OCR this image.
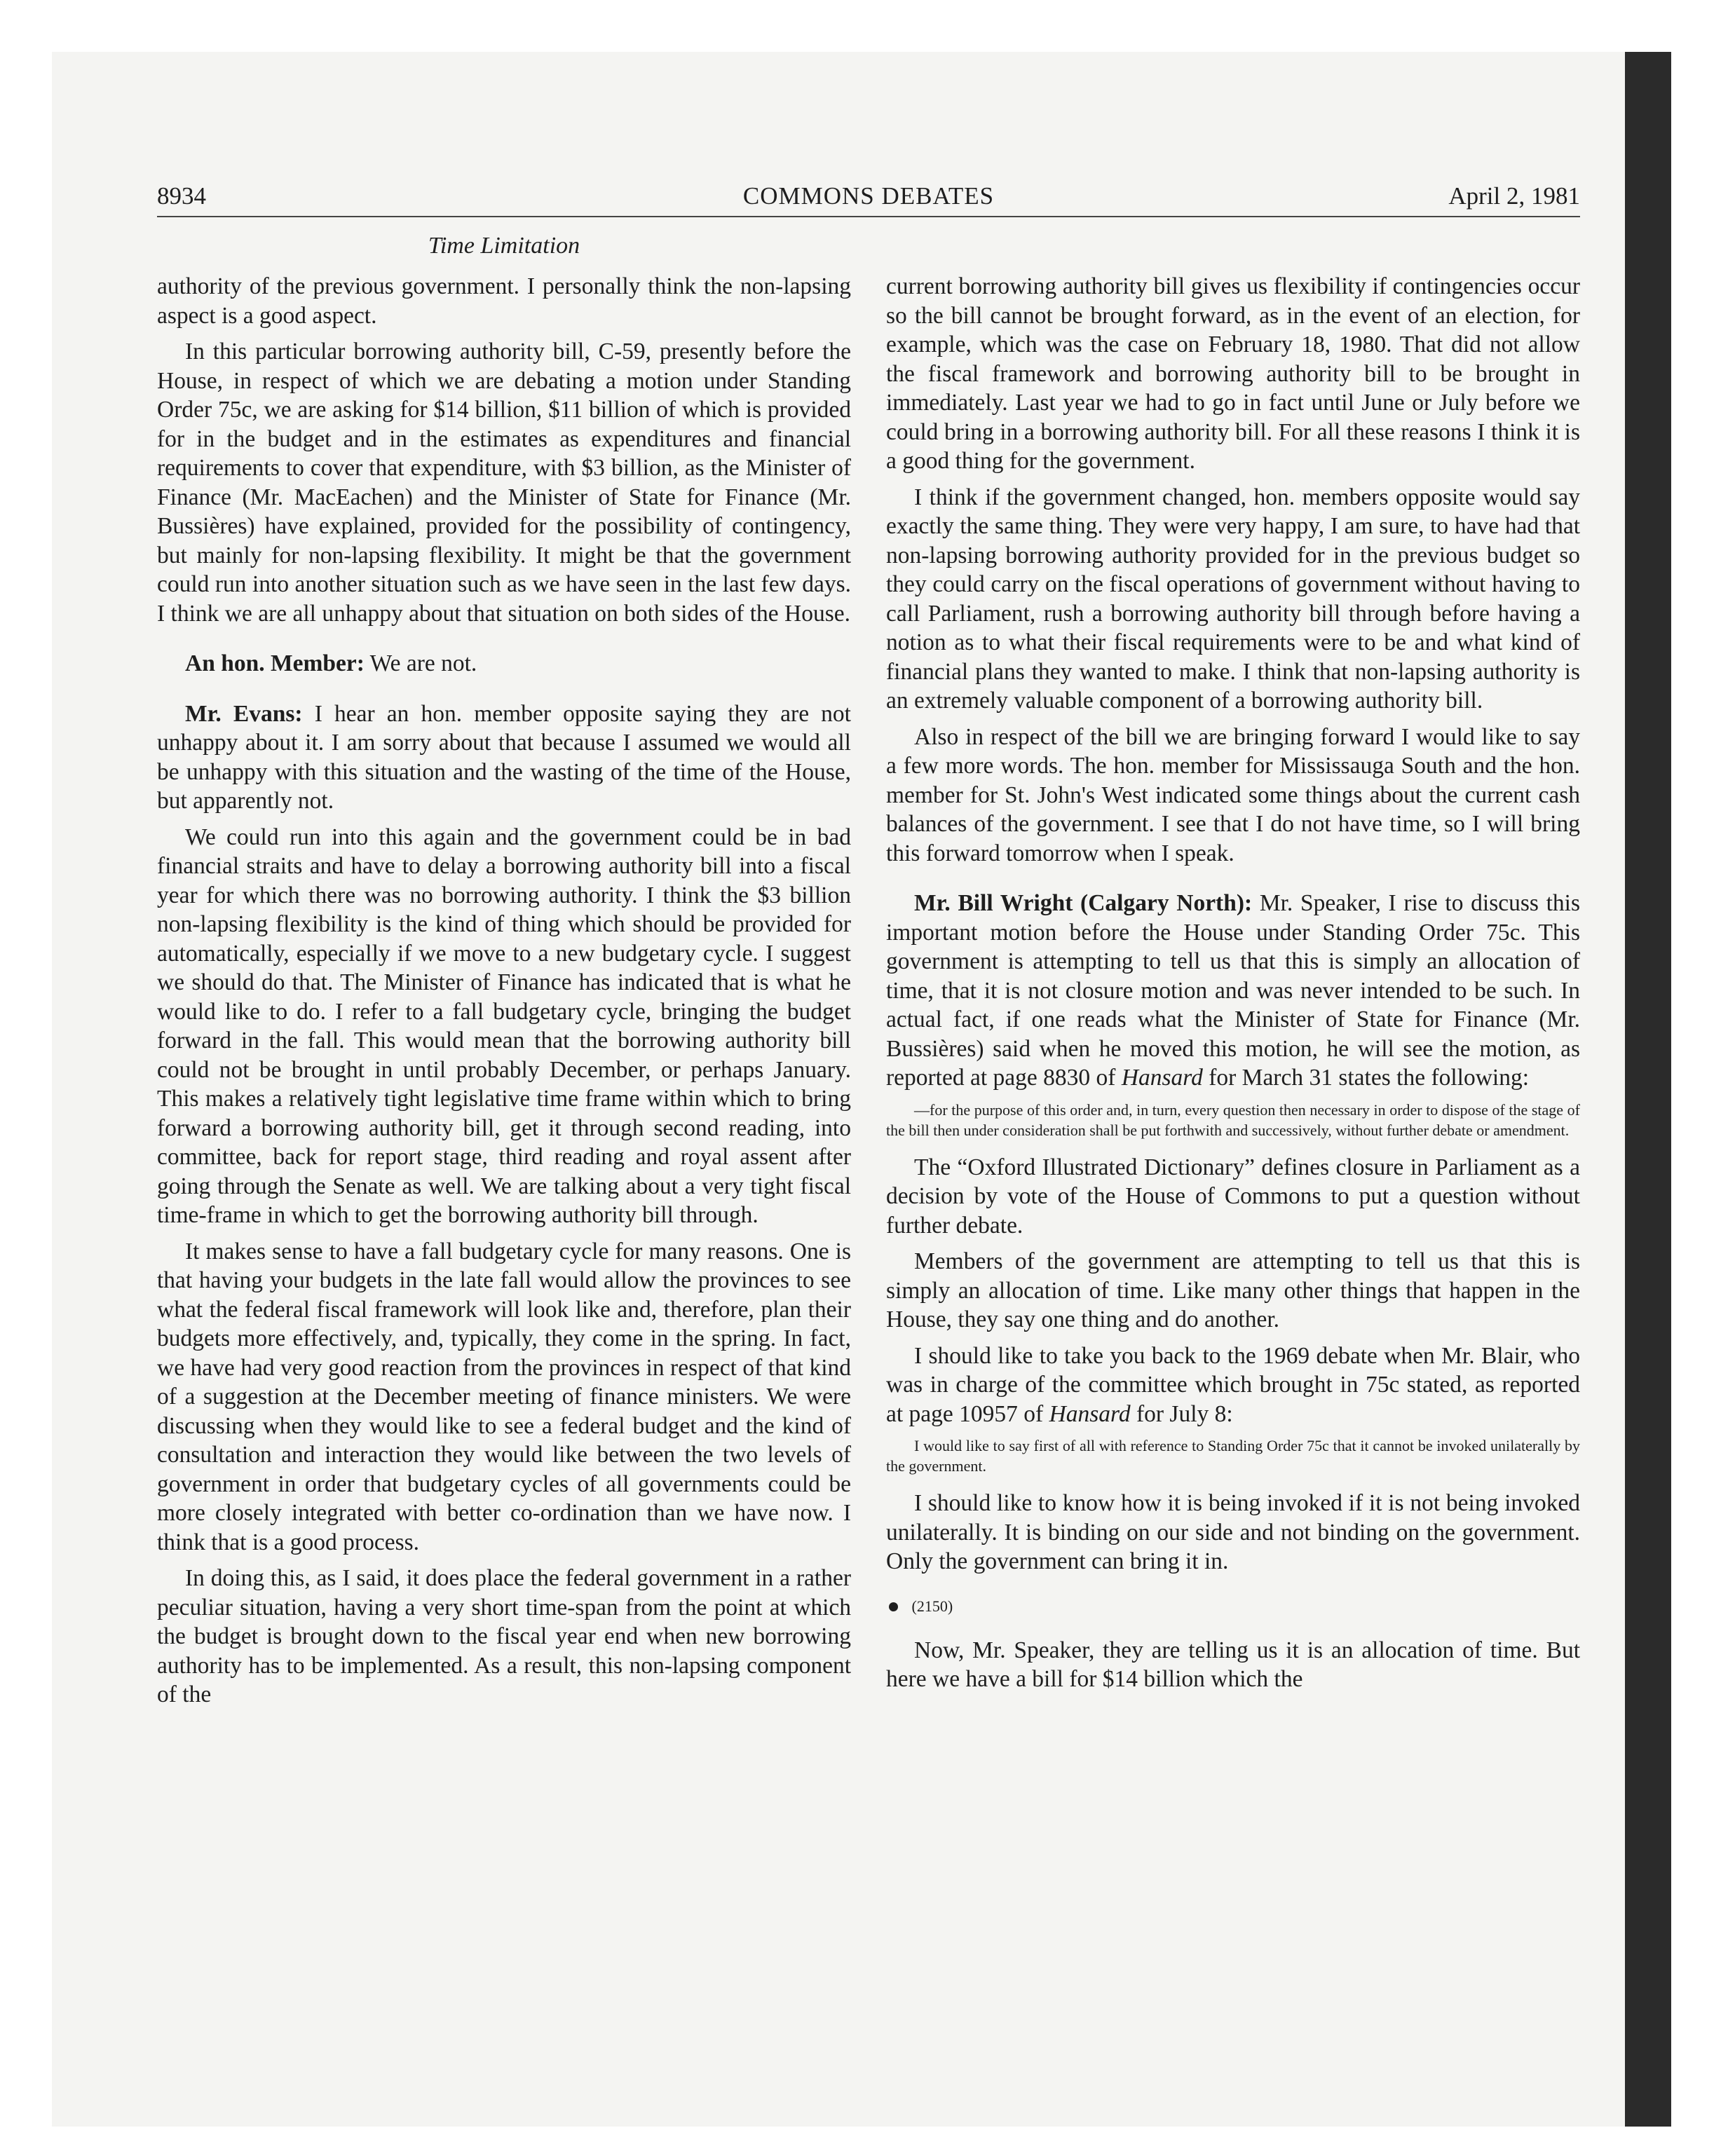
8934	COMMONS DEBATES	April 2, 1981
Time Limitation

authority of the previous government. I personally think the non-lapsing aspect is a good aspect.

In this particular borrowing authority bill, C-59, presently before the House, in respect of which we are debating a motion under Standing Order 75c, we are asking for $14 billion, $11 billion of which is provided for in the budget and in the estimates as expenditures and financial requirements to cover that expenditure, with $3 billion, as the Minister of Finance (Mr. MacEachen) and the Minister of State for Finance (Mr. Bussières) have explained, provided for the possibility of contingency, but mainly for non-lapsing flexibility. It might be that the government could run into another situation such as we have seen in the last few days. I think we are all unhappy about that situation on both sides of the House.

An hon. Member: We are not.

Mr. Evans: I hear an hon. member opposite saying they are not unhappy about it. I am sorry about that because I assumed we would all be unhappy with this situation and the wasting of the time of the House, but apparently not.

We could run into this again and the government could be in bad financial straits and have to delay a borrowing authority bill into a fiscal year for which there was no borrowing authority. I think the $3 billion non-lapsing flexibility is the kind of thing which should be provided for automatically, especially if we move to a new budgetary cycle. I suggest we should do that. The Minister of Finance has indicated that is what he would like to do. I refer to a fall budgetary cycle, bringing the budget forward in the fall. This would mean that the borrowing authority bill could not be brought in until probably December, or perhaps January. This makes a relatively tight legislative time frame within which to bring forward a borrowing authority bill, get it through second reading, into committee, back for report stage, third reading and royal assent after going through the Senate as well. We are talking about a very tight fiscal time-frame in which to get the borrowing authority bill through.

It makes sense to have a fall budgetary cycle for many reasons. One is that having your budgets in the late fall would allow the provinces to see what the federal fiscal framework will look like and, therefore, plan their budgets more effectively, and, typically, they come in the spring. In fact, we have had very good reaction from the provinces in respect of that kind of a suggestion at the December meeting of finance ministers. We were discussing when they would like to see a federal budget and the kind of consultation and interaction they would like between the two levels of government in order that budgetary cycles of all governments could be more closely integrated with better co-ordination than we have now. I think that is a good process.

In doing this, as I said, it does place the federal government in a rather peculiar situation, having a very short time-span from the point at which the budget is brought down to the fiscal year end when new borrowing authority has to be implemented. As a result, this non-lapsing component of the

current borrowing authority bill gives us flexibility if contingencies occur so the bill cannot be brought forward, as in the event of an election, for example, which was the case on February 18, 1980. That did not allow the fiscal framework and borrowing authority bill to be brought in immediately. Last year we had to go in fact until June or July before we could bring in a borrowing authority bill. For all these reasons I think it is a good thing for the government.

I think if the government changed, hon. members opposite would say exactly the same thing. They were very happy, I am sure, to have had that non-lapsing borrowing authority provided for in the previous budget so they could carry on the fiscal operations of government without having to call Parliament, rush a borrowing authority bill through before having a notion as to what their fiscal requirements were to be and what kind of financial plans they wanted to make. I think that non-lapsing authority is an extremely valuable component of a borrowing authority bill.

Also in respect of the bill we are bringing forward I would like to say a few more words. The hon. member for Mississauga South and the hon. member for St. John's West indicated some things about the current cash balances of the government. I see that I do not have time, so I will bring this forward tomorrow when I speak.

Mr. Bill Wright (Calgary North): Mr. Speaker, I rise to discuss this important motion before the House under Standing Order 75c. This government is attempting to tell us that this is simply an allocation of time, that it is not closure motion and was never intended to be such. In actual fact, if one reads what the Minister of State for Finance (Mr. Bussières) said when he moved this motion, he will see the motion, as reported at page 8830 of Hansard for March 31 states the following:

—for the purpose of this order and, in turn, every question then necessary in order to dispose of the stage of the bill then under consideration shall be put forthwith and successively, without further debate or amendment.

The “Oxford Illustrated Dictionary” defines closure in Parliament as a decision by vote of the House of Commons to put a question without further debate.

Members of the government are attempting to tell us that this is simply an allocation of time. Like many other things that happen in the House, they say one thing and do another.

I should like to take you back to the 1969 debate when Mr. Blair, who was in charge of the committee which brought in 75c stated, as reported at page 10957 of Hansard for July 8:

I would like to say first of all with reference to Standing Order 75c that it cannot be invoked unilaterally by the government.

I should like to know how it is being invoked if it is not being invoked unilaterally. It is binding on our side and not binding on the government. Only the government can bring it in.

(2150)

Now, Mr. Speaker, they are telling us it is an allocation of time. But here we have a bill for $14 billion which the
